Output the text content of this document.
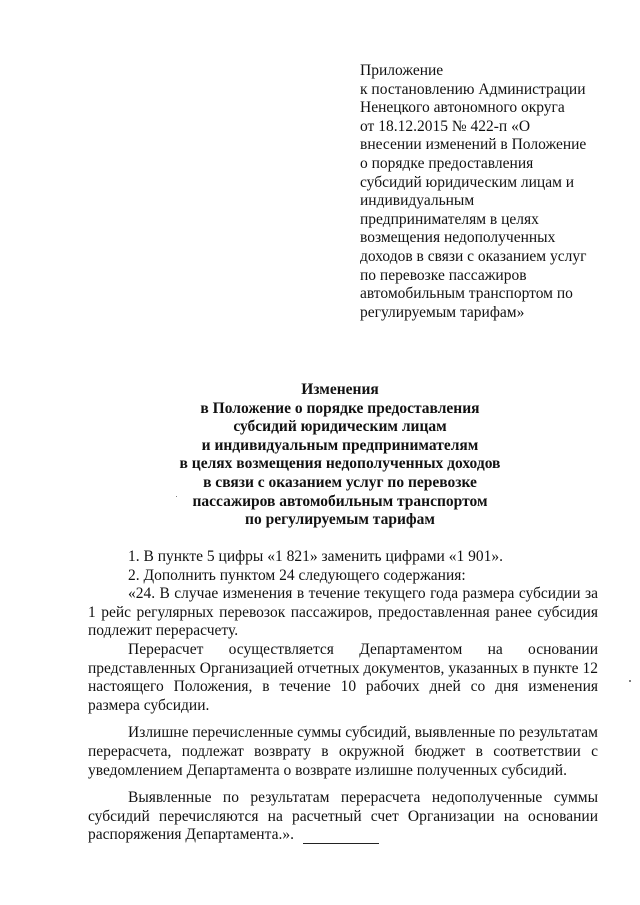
Приложение
к постановлению Администрации
Ненецкого автономного округа
от 18.12.2015 № 422-п «О
внесении изменений в Положение
о порядке предоставления
субсидий юридическим лицам и
индивидуальным
предпринимателям в целях
возмещения недополученных
доходов в связи с оказанием услуг
по перевозке пассажиров
автомобильным транспортом по
регулируемым тарифам»
Изменения
в Положение о порядке предоставления
субсидий юридическим лицам
и индивидуальным предпринимателям
в целях возмещения недополученных доходов
в связи с оказанием услуг по перевозке
пассажиров автомобильным транспортом
по регулируемым тарифам

1. В пункте 5 цифры «1 821» заменить цифрами «1 901».

2. Дополнить пунктом 24 следующего содержания:

«24. В случае изменения в течение текущего года размера субсидии за 1 рейс регулярных перевозок пассажиров, предоставленная ранее субсидия подлежит перерасчету.

Перерасчет осуществляется Департаментом на основании представленных Организацией отчетных документов, указанных в пункте 12 настоящего Положения, в течение 10 рабочих дней со дня изменения размера субсидии.

Излишне перечисленные суммы субсидий, выявленные по результатам перерасчета, подлежат возврату в окружной бюджет в соответствии с уведомлением Департамента о возврате излишне полученных субсидий.

Выявленные по результатам перерасчета недополученные суммы субсидий перечисляются на расчетный счет Организации на основании распоряжения Департамента.».
